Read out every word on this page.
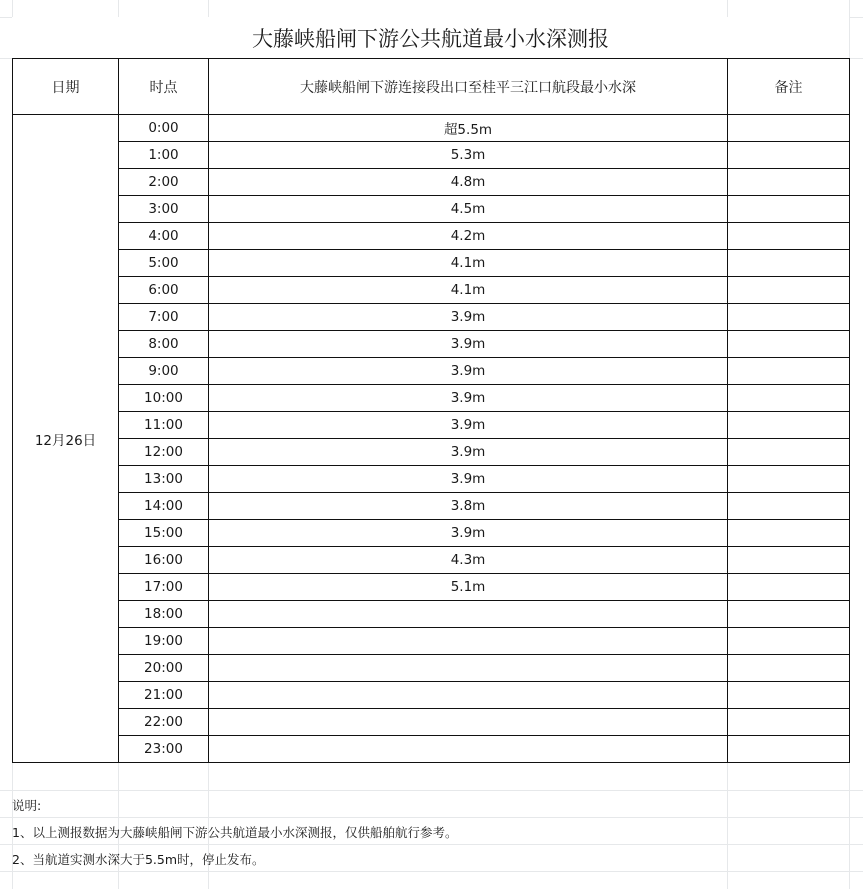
大藤峡船闸下游公共航道最小水深测报
日期	时点	大藤峡船闸下游连接段出口至桂平三江口航段最小水深	备注
12月26日	0:00	超5.5m	
	1:00	5.3m	
	2:00	4.8m	
	3:00	4.5m	
	4:00	4.2m	
	5:00	4.1m	
	6:00	4.1m	
	7:00	3.9m	
	8:00	3.9m	
	9:00	3.9m	
	10:00	3.9m	
	11:00	3.9m	
	12:00	3.9m	
	13:00	3.9m	
	14:00	3.8m	
	15:00	3.9m	
	16:00	4.3m	
	17:00	5.1m	
	18:00		
	19:00		
	20:00		
	21:00		
	22:00		
	23:00		
说明:
1、以上测报数据为大藤峡船闸下游公共航道最小水深测报，仅供船舶航行参考。
2、当航道实测水深大于5.5m时，停止发布。
